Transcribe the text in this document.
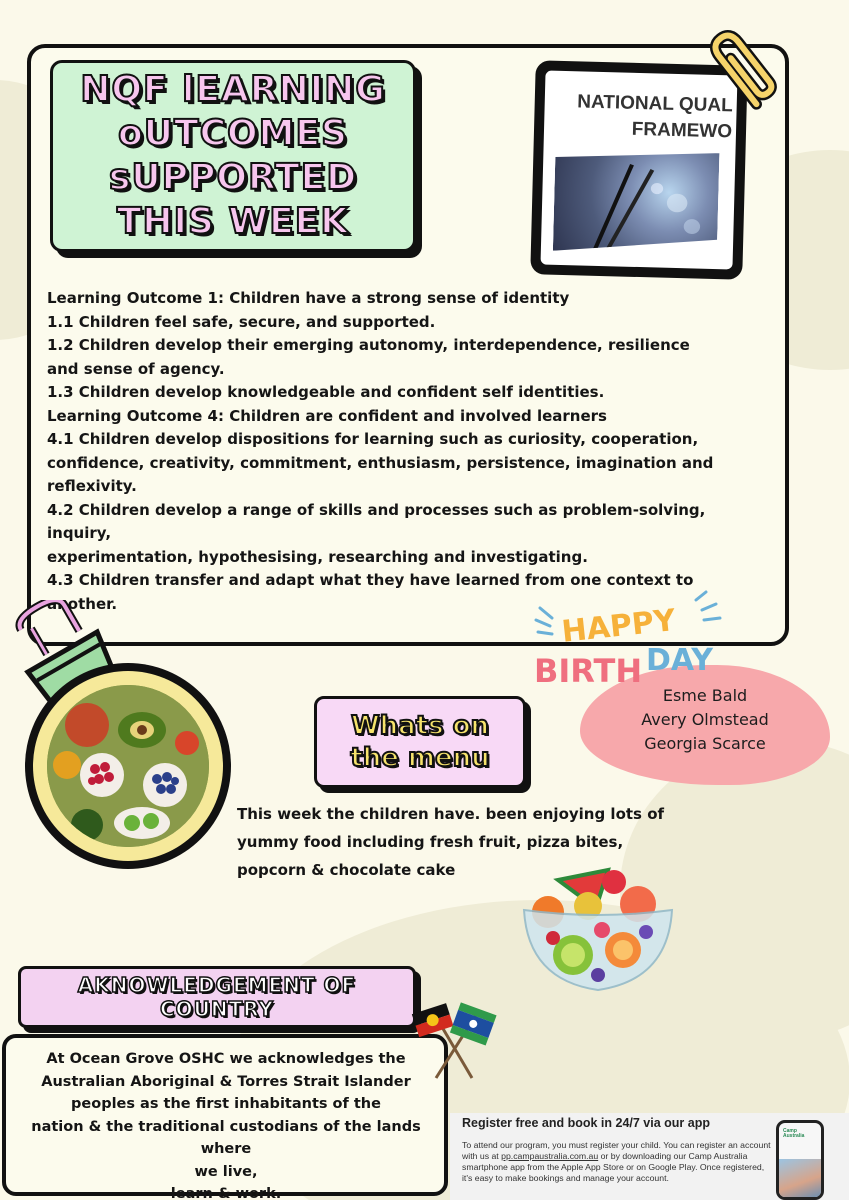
NQF lEARNING
oUTCOMES
sUPPORTED
THIS WEEK
NATIONAL QUAL
FRAMEWO

Learning Outcome 1: Children have a strong sense of identity

1.1 Children feel safe, secure, and supported.

1.2 Children develop their emerging autonomy, interdependence, resilience
and sense of agency.

1.3 Children develop knowledgeable and confident self identities.

Learning Outcome 4: Children are confident and involved learners

4.1 Children develop dispositions for learning such as curiosity, cooperation,
confidence, creativity, commitment, enthusiasm, persistence, imagination and
reflexivity.

4.2 Children develop a range of skills and processes such as problem-solving, inquiry,
experimentation, hypothesising, researching and investigating.

4.3 Children transfer and adapt what they have learned from one context to another.	HAPPY
BIRTH DAY
Esme Bald
Avery Olmstead
Georgia Scarce
Whats on
the menu
This week the children have. been enjoying lots of
yummy food including fresh fruit, pizza bites,
popcorn & chocolate cake
AKNOWLEDGEMENT OF
COUNTRY
At Ocean Grove OSHC we acknowledges the
Australian Aboriginal & Torres Strait Islander
peoples as the first inhabitants of the
nation & the traditional custodians of the lands where
we live,
learn & work.
Register free and book in 24/7 via our app
To attend our program, you must register your child. You can register an account with us at pp.campaustralia.com.au or by downloading our Camp Australia smartphone app from the Apple App Store or on Google Play. Once registered, it's easy to make bookings and manage your account.
Camp
Australia
